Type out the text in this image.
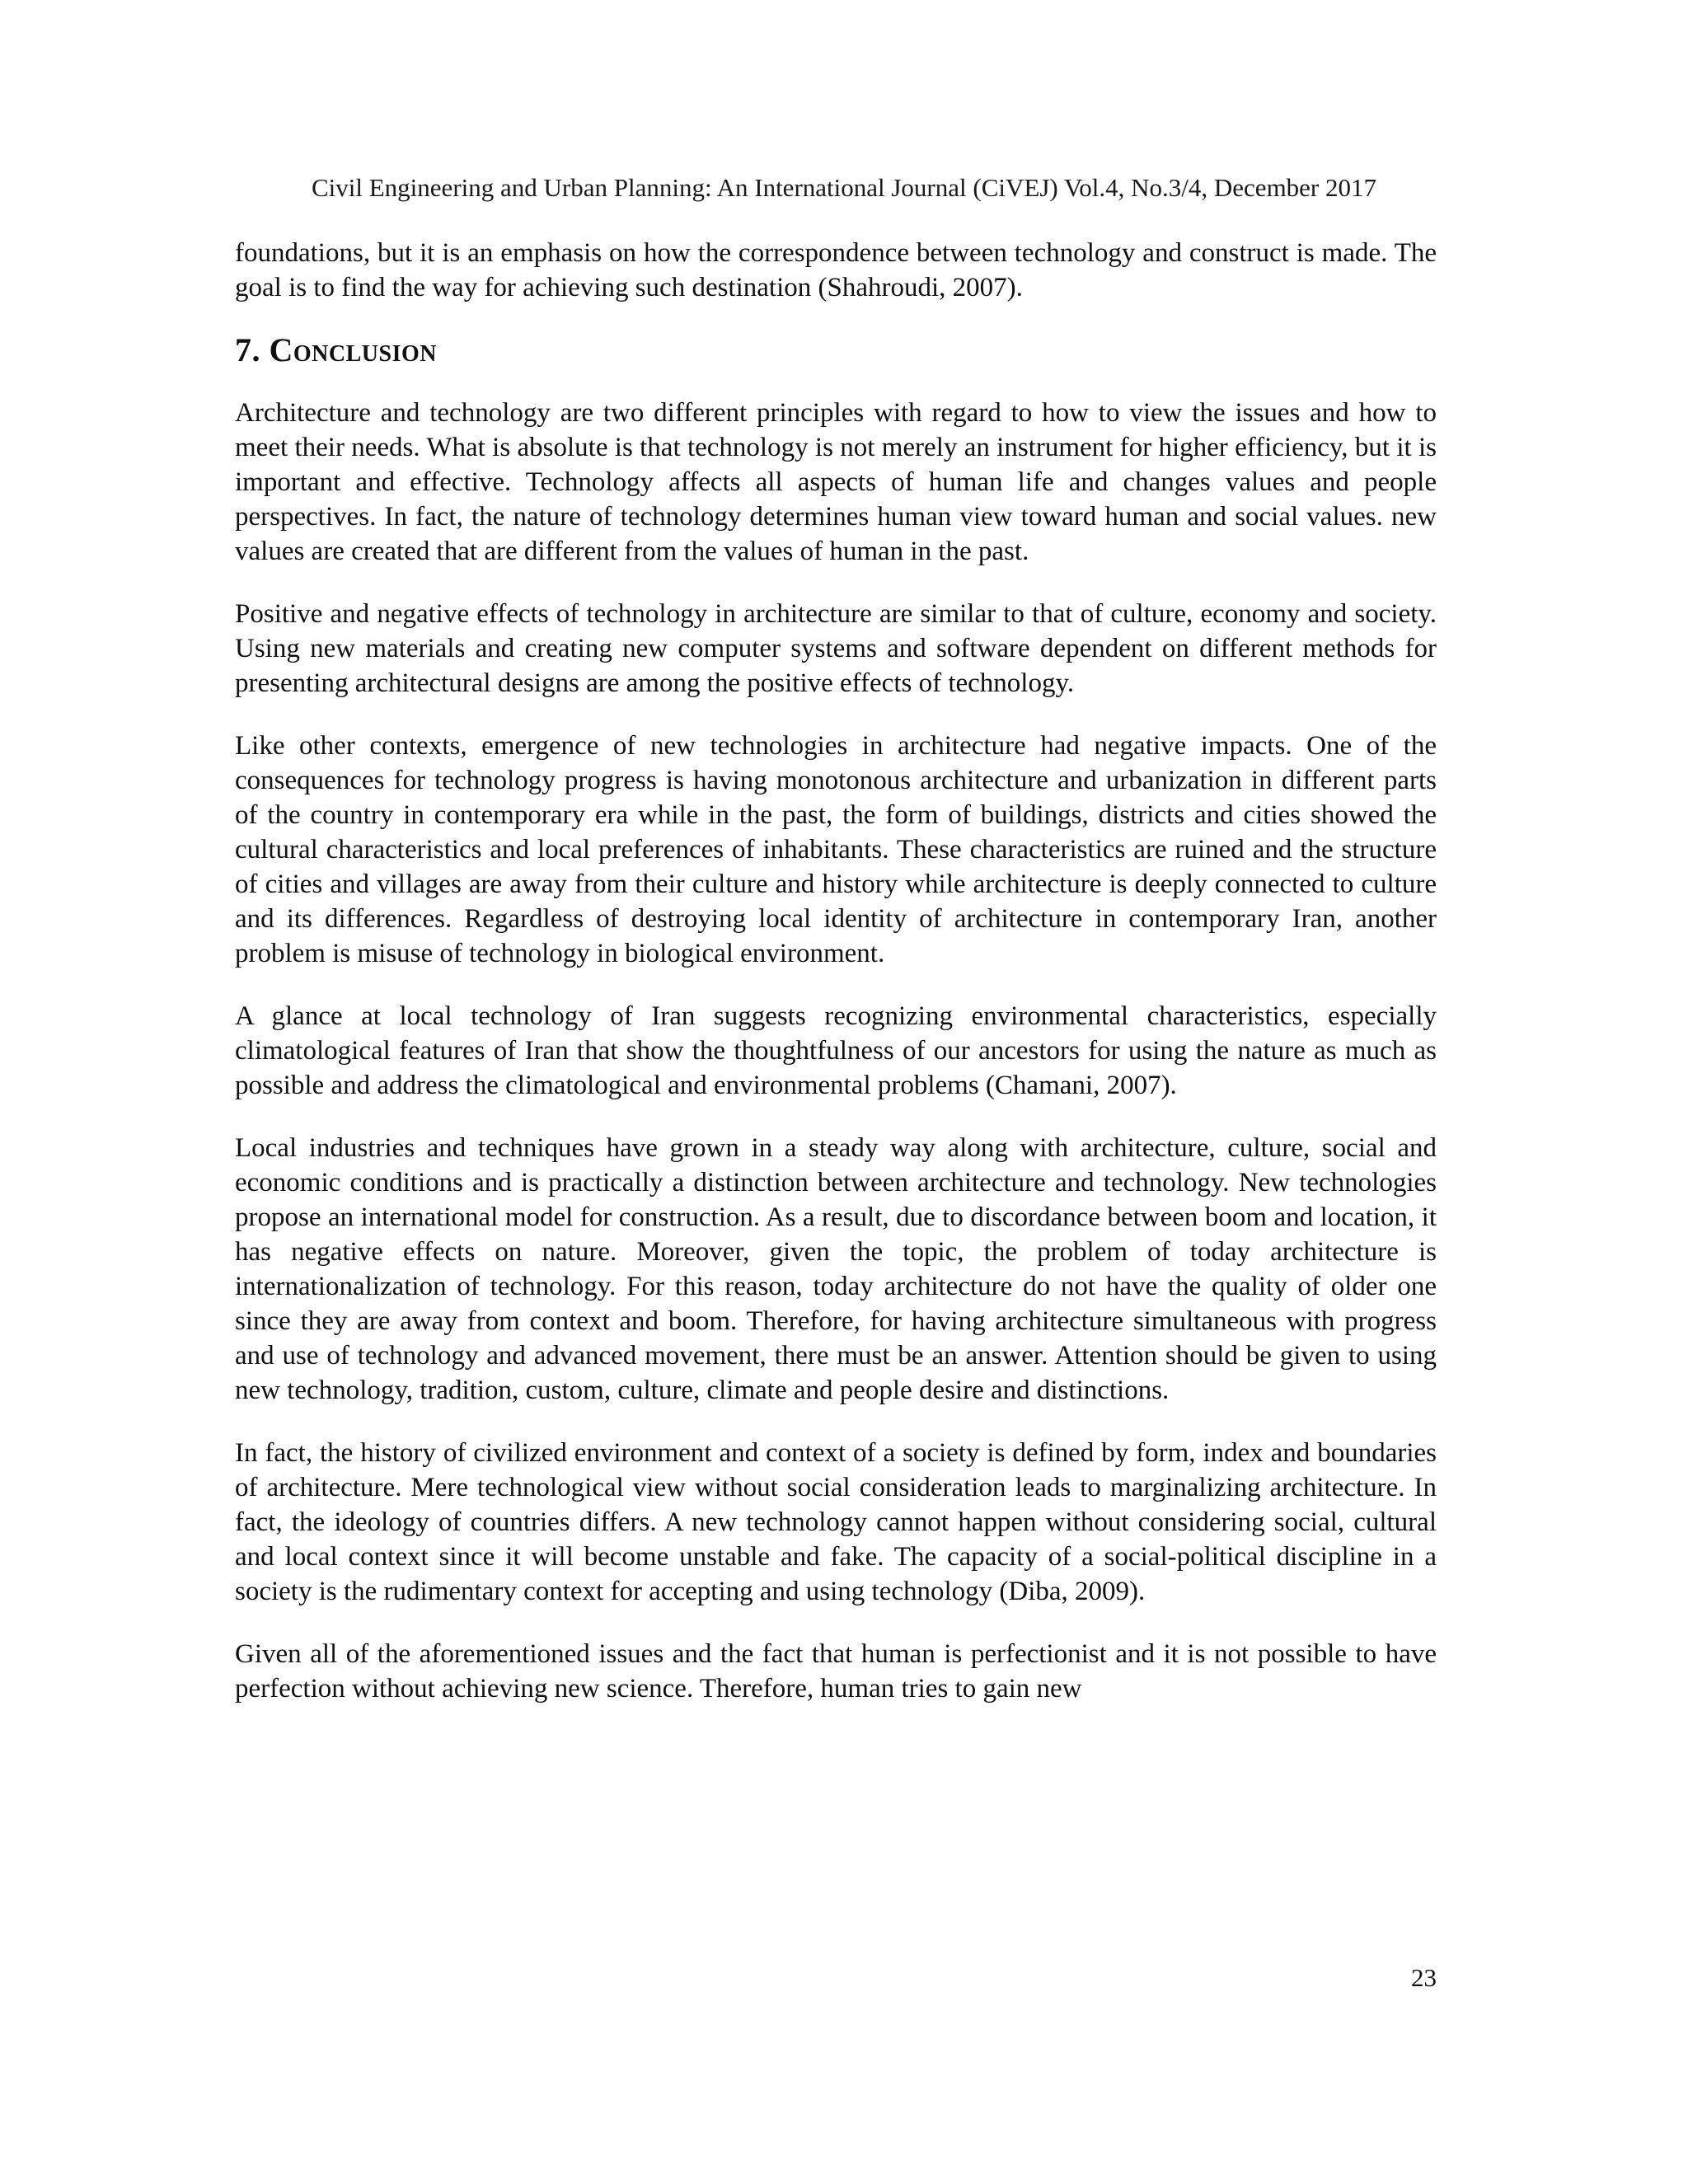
Civil Engineering and Urban Planning: An International Journal (CiVEJ) Vol.4, No.3/4, December 2017

foundations, but it is an emphasis on how the correspondence between technology and construct is made. The goal is to find the way for achieving such destination (Shahroudi, 2007).

7. Conclusion

Architecture and technology are two different principles with regard to how to view the issues and how to meet their needs. What is absolute is that technology is not merely an instrument for higher efficiency, but it is important and effective. Technology affects all aspects of human life and changes values and people perspectives. In fact, the nature of technology determines human view toward human and social values. new values are created that are different from the values of human in the past.

Positive and negative effects of technology in architecture are similar to that of culture, economy and society. Using new materials and creating new computer systems and software dependent on different methods for presenting architectural designs are among the positive effects of technology.

Like other contexts, emergence of new technologies in architecture had negative impacts. One of the consequences for technology progress is having monotonous architecture and urbanization in different parts of the country in contemporary era while in the past, the form of buildings, districts and cities showed the cultural characteristics and local preferences of inhabitants. These characteristics are ruined and the structure of cities and villages are away from their culture and history while architecture is deeply connected to culture and its differences. Regardless of destroying local identity of architecture in contemporary Iran, another problem is misuse of technology in biological environment.

A glance at local technology of Iran suggests recognizing environmental characteristics, especially climatological features of Iran that show the thoughtfulness of our ancestors for using the nature as much as possible and address the climatological and environmental problems (Chamani, 2007).

Local industries and techniques have grown in a steady way along with architecture, culture, social and economic conditions and is practically a distinction between architecture and technology. New technologies propose an international model for construction. As a result, due to discordance between boom and location, it has negative effects on nature. Moreover, given the topic, the problem of today architecture is internationalization of technology. For this reason, today architecture do not have the quality of older one since they are away from context and boom. Therefore, for having architecture simultaneous with progress and use of technology and advanced movement, there must be an answer. Attention should be given to using new technology, tradition, custom, culture, climate and people desire and distinctions.

In fact, the history of civilized environment and context of a society is defined by form, index and boundaries of architecture. Mere technological view without social consideration leads to marginalizing architecture. In fact, the ideology of countries differs. A new technology cannot happen without considering social, cultural and local context since it will become unstable and fake. The capacity of a social-political discipline in a society is the rudimentary context for accepting and using technology (Diba, 2009).

Given all of the aforementioned issues and the fact that human is perfectionist and it is not possible to have perfection without achieving new science. Therefore, human tries to gain new

23
